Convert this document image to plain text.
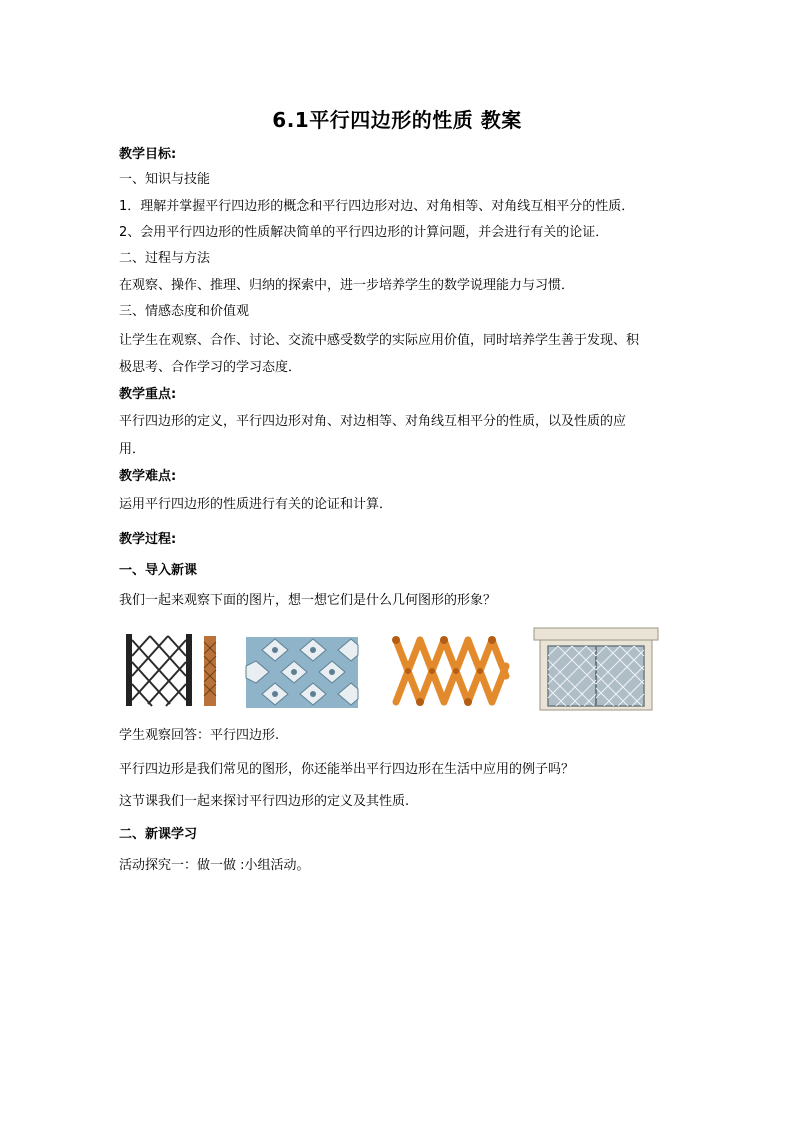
6.1平行四边形的性质 教案
教学目标:
一、知识与技能
1．理解并掌握平行四边形的概念和平行四边形对边、对角相等、对角线互相平分的性质．
2、会用平行四边形的性质解决简单的平行四边形的计算问题，并会进行有关的论证．
二、过程与方法
在观察、操作、推理、归纳的探索中，进一步培养学生的数学说理能力与习惯．
三、情感态度和价值观
让学生在观察、合作、讨论、交流中感受数学的实际应用价值，同时培养学生善于发现、积
极思考、合作学习的学习态度．
教学重点:
平行四边形的定义，平行四边形对角、对边相等、对角线互相平分的性质，以及性质的应
用．
教学难点:
运用平行四边形的性质进行有关的论证和计算．
教学过程:
一、导入新课
我们一起来观察下面的图片，想一想它们是什么几何图形的形象？
学生观察回答：平行四边形.
平行四边形是我们常见的图形，你还能举出平行四边形在生活中应用的例子吗？
这节课我们一起来探讨平行四边形的定义及其性质.
二、新课学习
活动探究一：做一做 :小组活动。
